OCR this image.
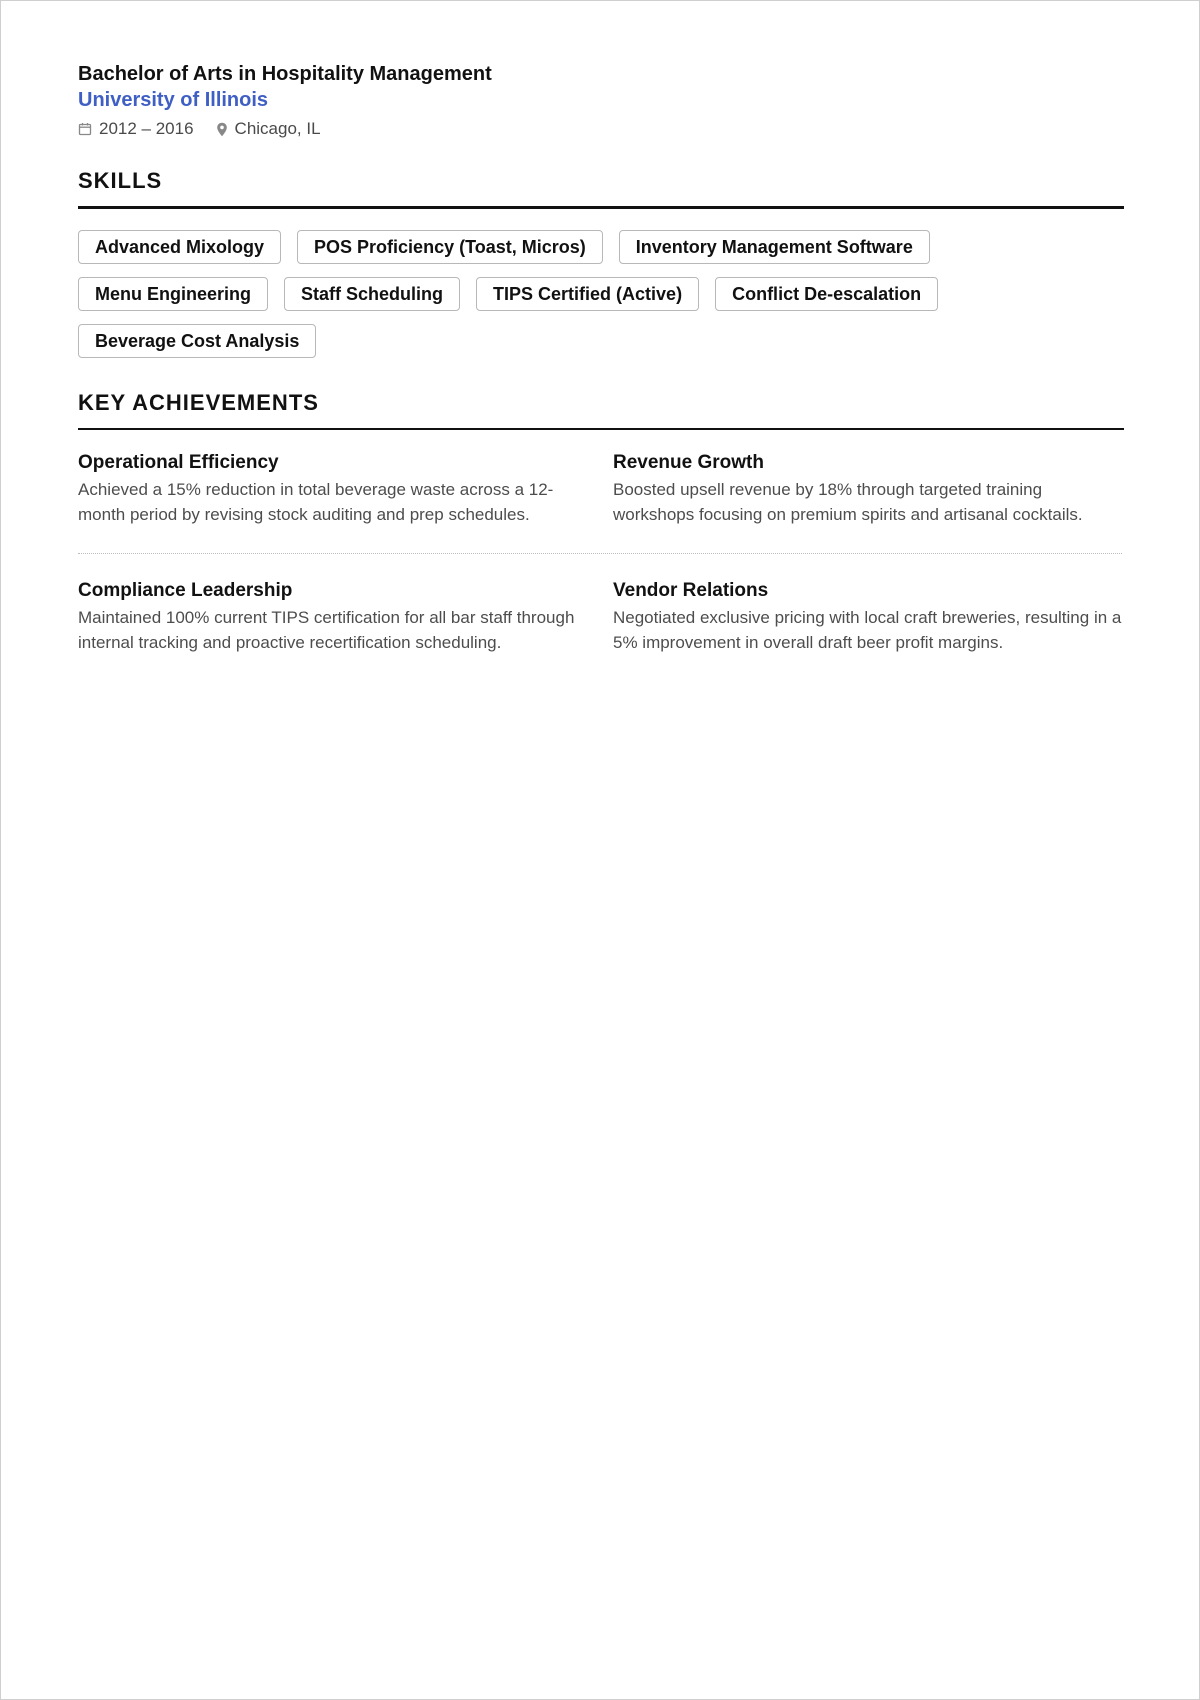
Bachelor of Arts in Hospitality Management
University of Illinois
2012 – 2016 Chicago, IL
SKILLS
Advanced Mixology	POS Proficiency (Toast, Micros)	Inventory Management Software
Menu Engineering	Staff Scheduling	TIPS Certified (Active)	Conflict De-escalation
Beverage Cost Analysis
KEY ACHIEVEMENTS
Operational Efficiency

Achieved a 15% reduction in total beverage waste across a 12-month period by revising stock auditing and prep schedules.

Revenue Growth

Boosted upsell revenue by 18% through targeted training workshops focusing on premium spirits and artisanal cocktails.

Compliance Leadership

Maintained 100% current TIPS certification for all bar staff through internal tracking and proactive recertification scheduling.

Vendor Relations

Negotiated exclusive pricing with local craft breweries, resulting in a 5% improvement in overall draft beer profit margins.
